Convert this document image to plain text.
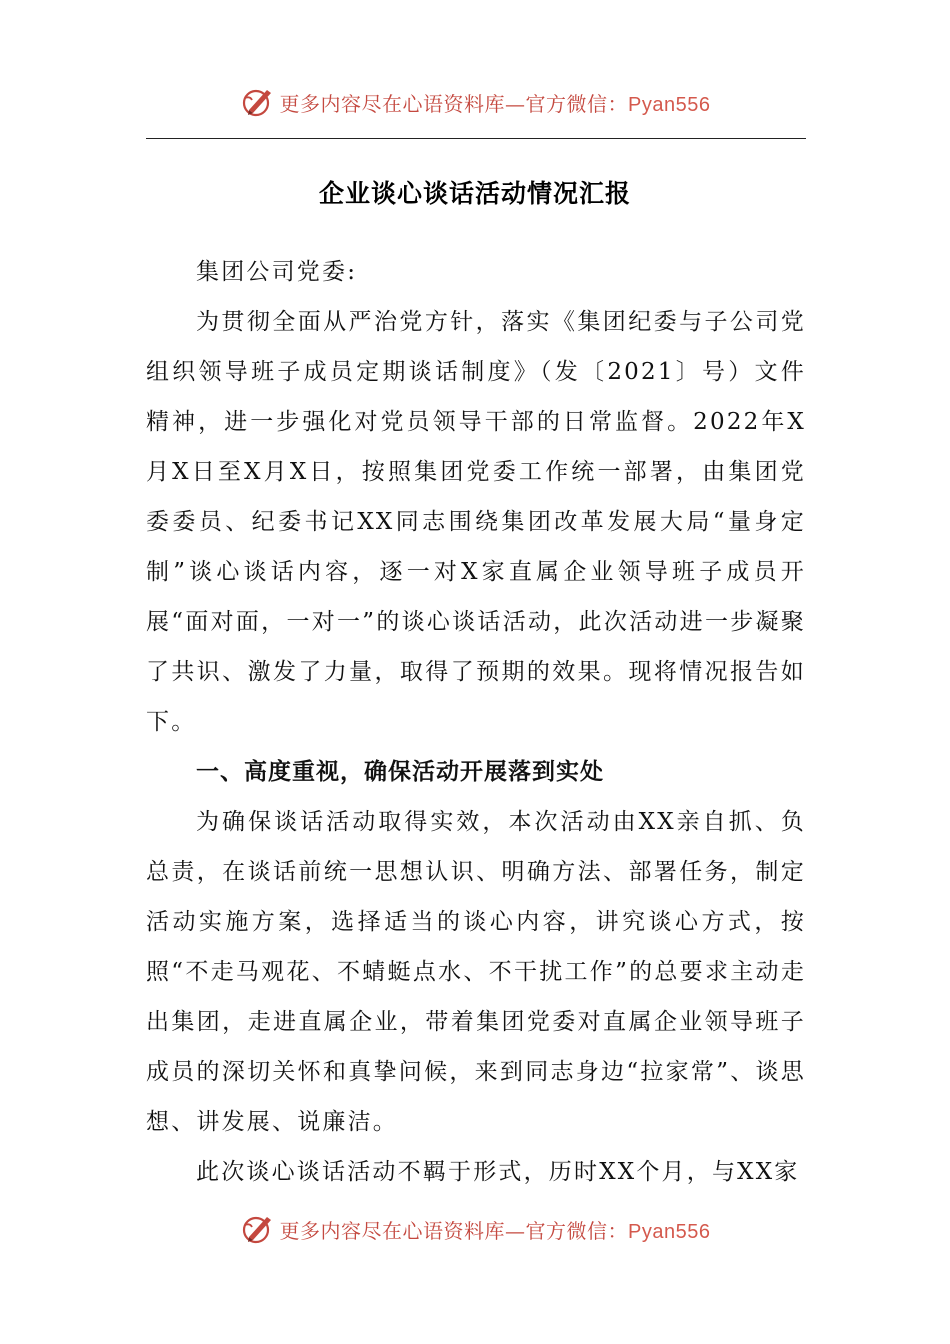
更多内容尽在心语资料库—官方微信：Pyan556
企业谈心谈话活动情况汇报

集团公司党委:

为贯彻全面从严治党方针，落实《集团纪委与子公司党组织领导班子成员定期谈话制度》（发〔2021〕号）文件精神，进一步强化对党员领导干部的日常监督。2022年X月X日至X月X日，按照集团党委工作统一部署，由集团党委委员、纪委书记XX同志围绕集团改革发展大局“量身定制”谈心谈话内容，逐一对X家直属企业领导班子成员开展“面对面，一对一”的谈心谈话活动，此次活动进一步凝聚了共识、激发了力量，取得了预期的效果。现将情况报告如下。

一、高度重视，确保活动开展落到实处

为确保谈话活动取得实效，本次活动由XX亲自抓、负总责，在谈话前统一思想认识、明确方法、部署任务，制定活动实施方案，选择适当的谈心内容，讲究谈心方式，按照“不走马观花、不蜻蜓点水、不干扰工作”的总要求主动走出集团，走进直属企业，带着集团党委对直属企业领导班子成员的深切关怀和真挚问候，来到同志身边“拉家常”、谈思想、讲发展、说廉洁。

此次谈心谈话活动不羁于形式，历时XX个月，与XX家

更多内容尽在心语资料库—官方微信：Pyan556
